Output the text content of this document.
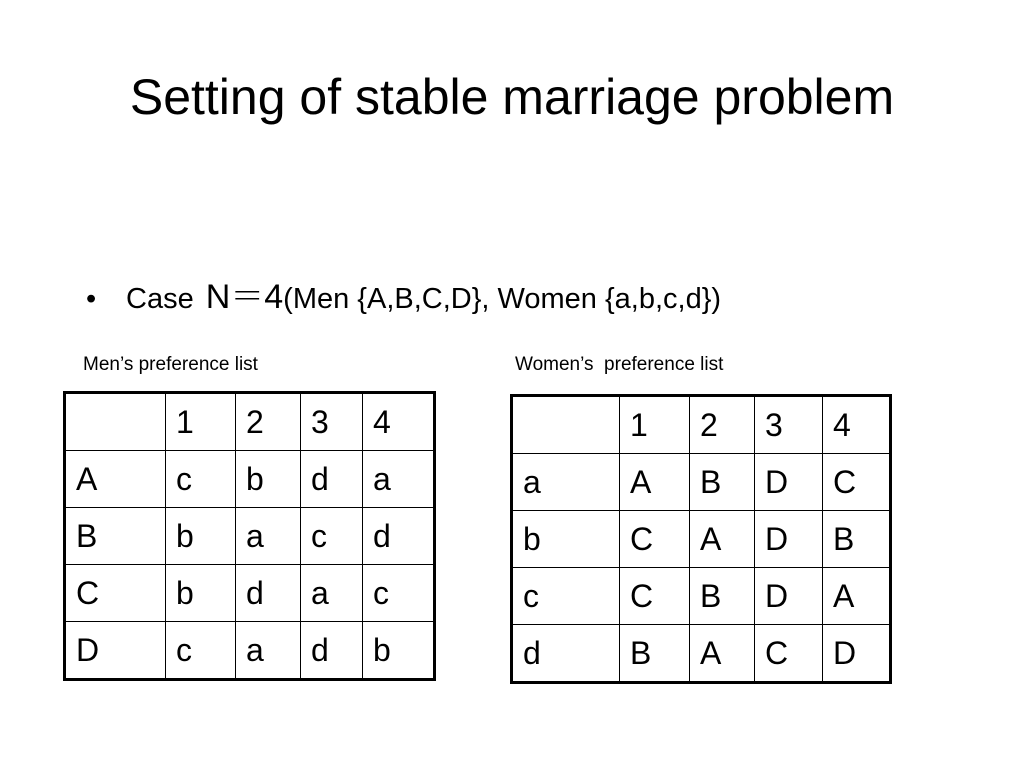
Setting of stable marriage problem
• Case N＝4(Men {A,B,C,D}, Women {a,b,c,d})
Men’s preference list	Women’s  preference list
	1	2	3	4
A	c	b	d	a
B	b	a	c	d
C	b	d	a	c
D	c	a	d	b
	1	2	3	4
a	A	B	D	C
b	C	A	D	B
c	C	B	D	A
d	B	A	C	D
